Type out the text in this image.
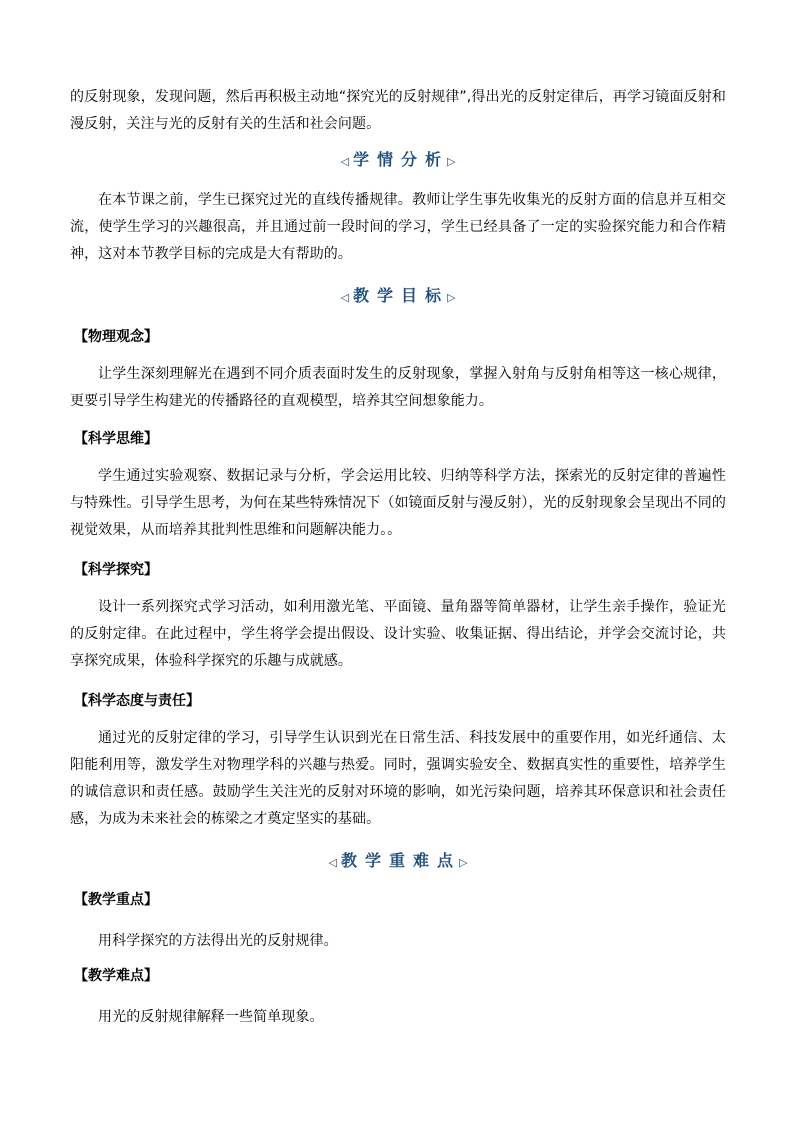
的反射现象，发现问题，然后再积极主动地“探究光的反射规律”,得出光的反射定律后，再学习镜面反射和漫反射，关注与光的反射有关的生活和社会问题。

◁ 学情分析▷

在本节课之前，学生已探究过光的直线传播规律。教师让学生事先收集光的反射方面的信息并互相交流，使学生学习的兴趣很高，并且通过前一段时间的学习，学生已经具备了一定的实验探究能力和合作精神，这对本节教学目标的完成是大有帮助的。

◁ 教学目标▷

【物理观念】

让学生深刻理解光在遇到不同介质表面时发生的反射现象，掌握入射角与反射角相等这一核心规律，更要引导学生构建光的传播路径的直观模型，培养其空间想象能力。

【科学思维】

学生通过实验观察、数据记录与分析，学会运用比较、归纳等科学方法，探索光的反射定律的普遍性与特殊性。引导学生思考，为何在某些特殊情况下（如镜面反射与漫反射），光的反射现象会呈现出不同的视觉效果，从而培养其批判性思维和问题解决能力。。

【科学探究】

设计一系列探究式学习活动，如利用激光笔、平面镜、量角器等简单器材，让学生亲手操作，验证光的反射定律。在此过程中，学生将学会提出假设、设计实验、收集证据、得出结论，并学会交流讨论，共享探究成果，体验科学探究的乐趣与成就感。

【科学态度与责任】

通过光的反射定律的学习，引导学生认识到光在日常生活、科技发展中的重要作用，如光纤通信、太阳能利用等，激发学生对物理学科的兴趣与热爱。同时，强调实验安全、数据真实性的重要性，培养学生的诚信意识和责任感。鼓励学生关注光的反射对环境的影响，如光污染问题，培养其环保意识和社会责任感，为成为未来社会的栋梁之才奠定坚实的基础。

◁ 教学重难点▷

【教学重点】

用科学探究的方法得出光的反射规律。

【教学难点】

用光的反射规律解释一些简单现象。
